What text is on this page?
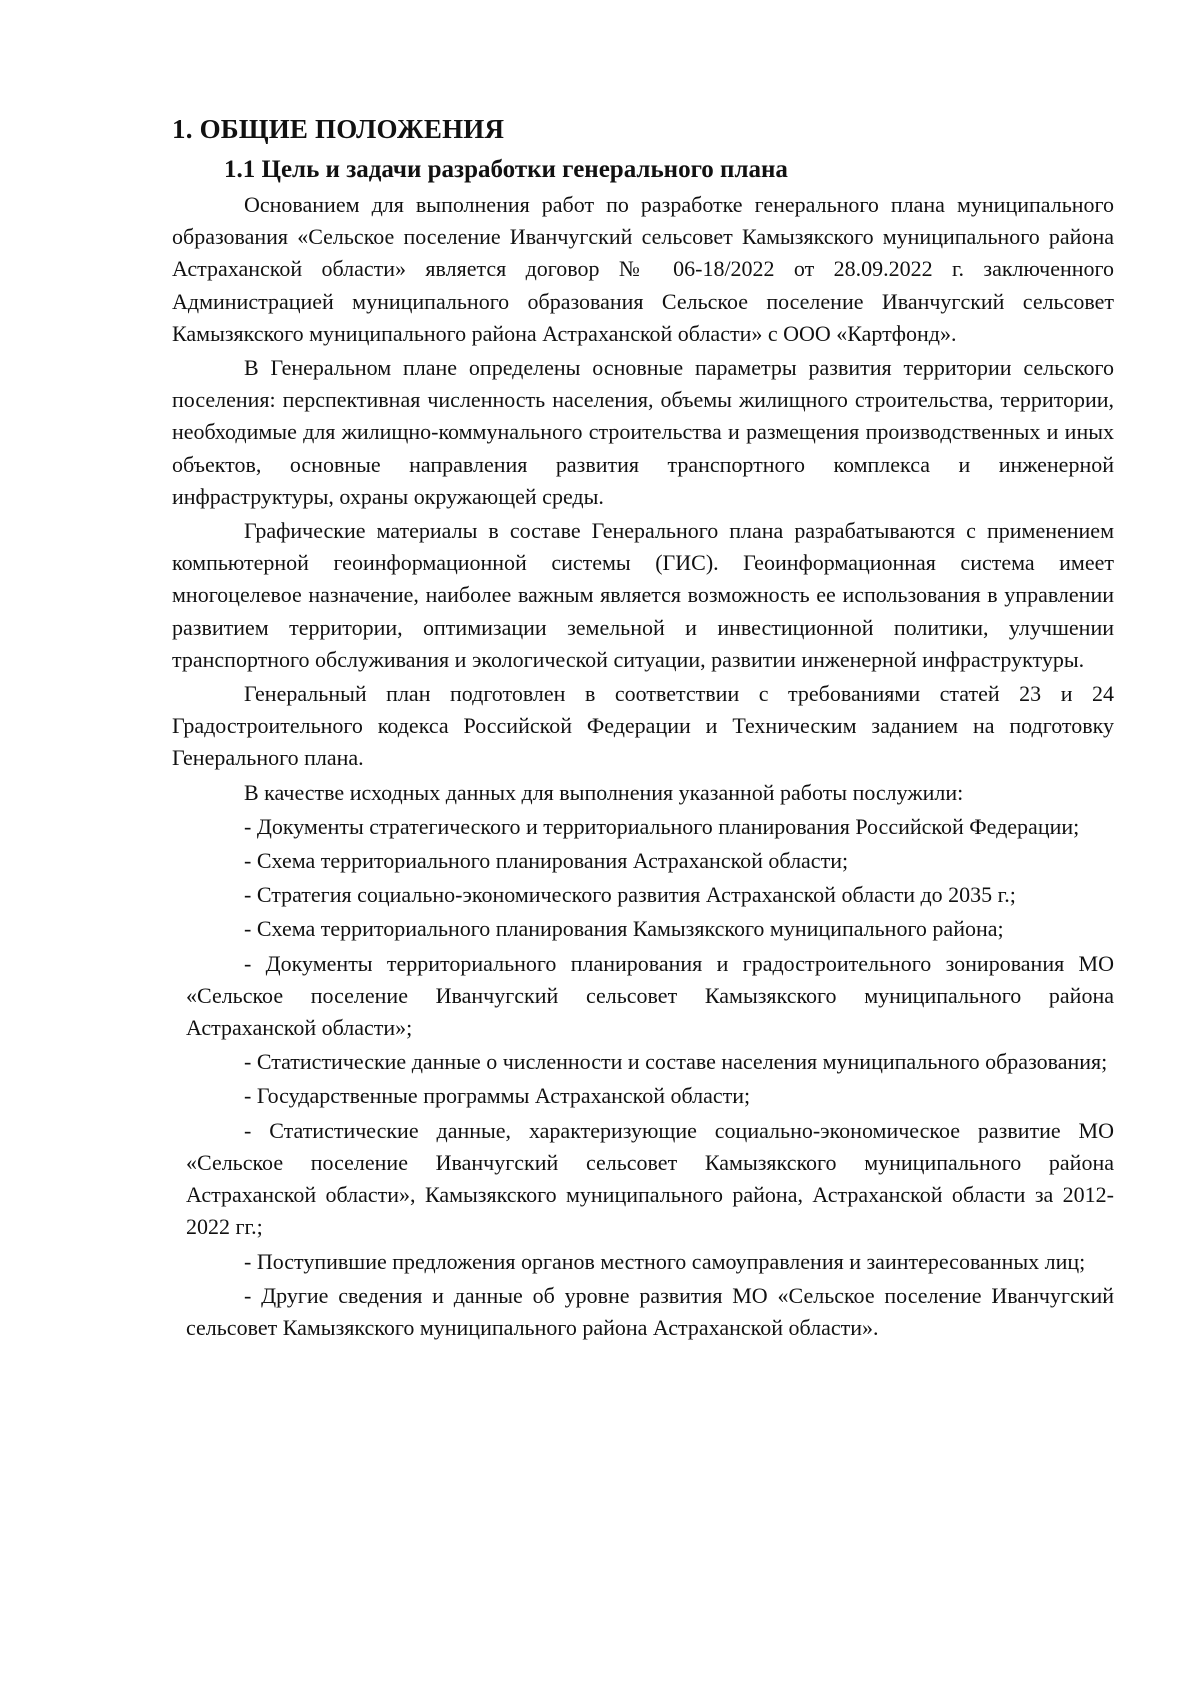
1. ОБЩИЕ ПОЛОЖЕНИЯ
1.1 Цель и задачи разработки генерального плана

Основанием для выполнения работ по разработке генерального плана муниципального образования «Сельское поселение Иванчугский сельсовет Камызякского муниципального района Астраханской области» является договор № 06-18/2022 от 28.09.2022 г. заключенного Администрацией муниципального образования Сельское поселение Иванчугский сельсовет Камызякского муниципального района Астраханской области» с ООО «Картфонд».

В Генеральном плане определены основные параметры развития территории сельского поселения: перспективная численность населения, объемы жилищного строительства, территории, необходимые для жилищно-коммунального строительства и размещения производственных и иных объектов, основные направления развития транспортного комплекса и инженерной инфраструктуры, охраны окружающей среды.

Графические материалы в составе Генерального плана разрабатываются с применением компьютерной геоинформационной системы (ГИС). Геоинформационная система имеет многоцелевое назначение, наиболее важным является возможность ее использования в управлении развитием территории, оптимизации земельной и инвестиционной политики, улучшении транспортного обслуживания и экологической ситуации, развитии инженерной инфраструктуры.

Генеральный план подготовлен в соответствии с требованиями статей 23 и 24 Градостроительного кодекса Российской Федерации и Техническим заданием на подготовку Генерального плана.

В качестве исходных данных для выполнения указанной работы послужили:

- Документы стратегического и территориального планирования Российской Федерации;
- Схема территориального планирования Астраханской области;
- Стратегия социально-экономического развития Астраханской области до 2035 г.;
- Схема территориального планирования Камызякского муниципального района;
- Документы территориального планирования и градостроительного зонирования МО «Сельское поселение Иванчугский сельсовет Камызякского муниципального района Астраханской области»;
- Статистические данные о численности и составе населения муниципального образования;
- Государственные программы Астраханской области;
- Статистические данные, характеризующие социально-экономическое развитие МО «Сельское поселение Иванчугский сельсовет Камызякского муниципального района Астраханской области», Камызякского муниципального района, Астраханской области за 2012-2022 гг.;
- Поступившие предложения органов местного самоуправления и заинтересованных лиц;
- Другие сведения и данные об уровне развития МО «Сельское поселение Иванчугский сельсовет Камызякского муниципального района Астраханской области».
